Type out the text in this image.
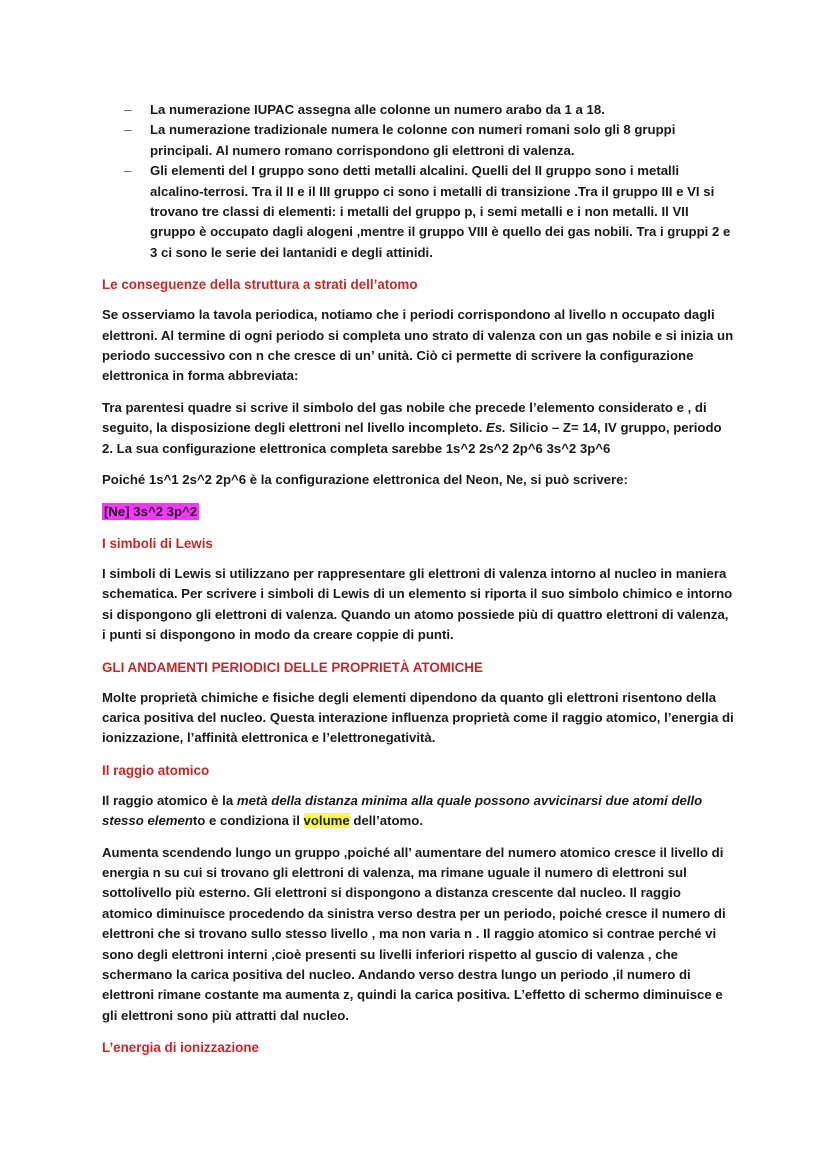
– La numerazione IUPAC assegna alle colonne un numero arabo da 1 a 18.
– La numerazione tradizionale numera le colonne con numeri romani solo gli 8 gruppi principali. Al numero romano corrispondono gli elettroni di valenza.
– Gli elementi del I gruppo sono detti metalli alcalini. Quelli del II gruppo sono i metalli alcalino-terrosi. Tra il II e il III gruppo ci sono i metalli di transizione .Tra il gruppo III e VI si trovano tre classi di elementi: i metalli del gruppo p, i semi metalli e i non metalli. Il VII gruppo è occupato dagli alogeni ,mentre il gruppo VIII è quello dei gas nobili. Tra i gruppi 2 e 3 ci sono le serie dei lantanidi e degli attinidi.
Le conseguenze della struttura a strati dell’atomo

Se osserviamo la tavola periodica, notiamo che i periodi corrispondono al livello n occupato dagli elettroni. Al termine di ogni periodo si completa uno strato di valenza con un gas nobile e si inizia un periodo successivo con n che cresce di un’ unità. Ciò ci permette di scrivere la configurazione elettronica in forma abbreviata:

Tra parentesi quadre si scrive il simbolo del gas nobile che precede l’elemento considerato e , di seguito, la disposizione degli elettroni nel livello incompleto. Es. Silicio – Z= 14, IV gruppo, periodo 2. La sua configurazione elettronica completa sarebbe 1s^2 2s^2 2p^6 3s^2 3p^6

Poiché 1s^1 2s^2 2p^6 è la configurazione elettronica del Neon, Ne, si può scrivere:

[Ne] 3s^2 3p^2

I simboli di Lewis

I simboli di Lewis si utilizzano per rappresentare gli elettroni di valenza intorno al nucleo in maniera schematica. Per scrivere i simboli di Lewis di un elemento si riporta il suo simbolo chimico e intorno si dispongono gli elettroni di valenza. Quando un atomo possiede più di quattro elettroni di valenza, i punti si dispongono in modo da creare coppie di punti.

GLI ANDAMENTI PERIODICI DELLE PROPRIETÀ ATOMICHE

Molte proprietà chimiche e fisiche degli elementi dipendono da quanto gli elettroni risentono della carica positiva del nucleo. Questa interazione influenza proprietà come il raggio atomico, l’energia di ionizzazione, l’affinità elettronica e l’elettronegatività.

Il raggio atomico

Il raggio atomico è la metà della distanza minima alla quale possono avvicinarsi due atomi dello stesso elemento e condiziona il volume dell’atomo.

Aumenta scendendo lungo un gruppo ,poiché all’ aumentare del numero atomico cresce il livello di energia n su cui si trovano gli elettroni di valenza, ma rimane uguale il numero di elettroni sul sottolivello più esterno. Gli elettroni si dispongono a distanza crescente dal nucleo. Il raggio atomico diminuisce procedendo da sinistra verso destra per un periodo, poiché cresce il numero di elettroni che si trovano sullo stesso livello , ma non varia n . Il raggio atomico si contrae perché vi sono degli elettroni interni ,cioè presenti su livelli inferiori rispetto al guscio di valenza , che schermano la carica positiva del nucleo. Andando verso destra lungo un periodo ,il numero di elettroni rimane costante ma aumenta z, quindi la carica positiva. L’effetto di schermo diminuisce e gli elettroni sono più attratti dal nucleo.

L’energia di ionizzazione
